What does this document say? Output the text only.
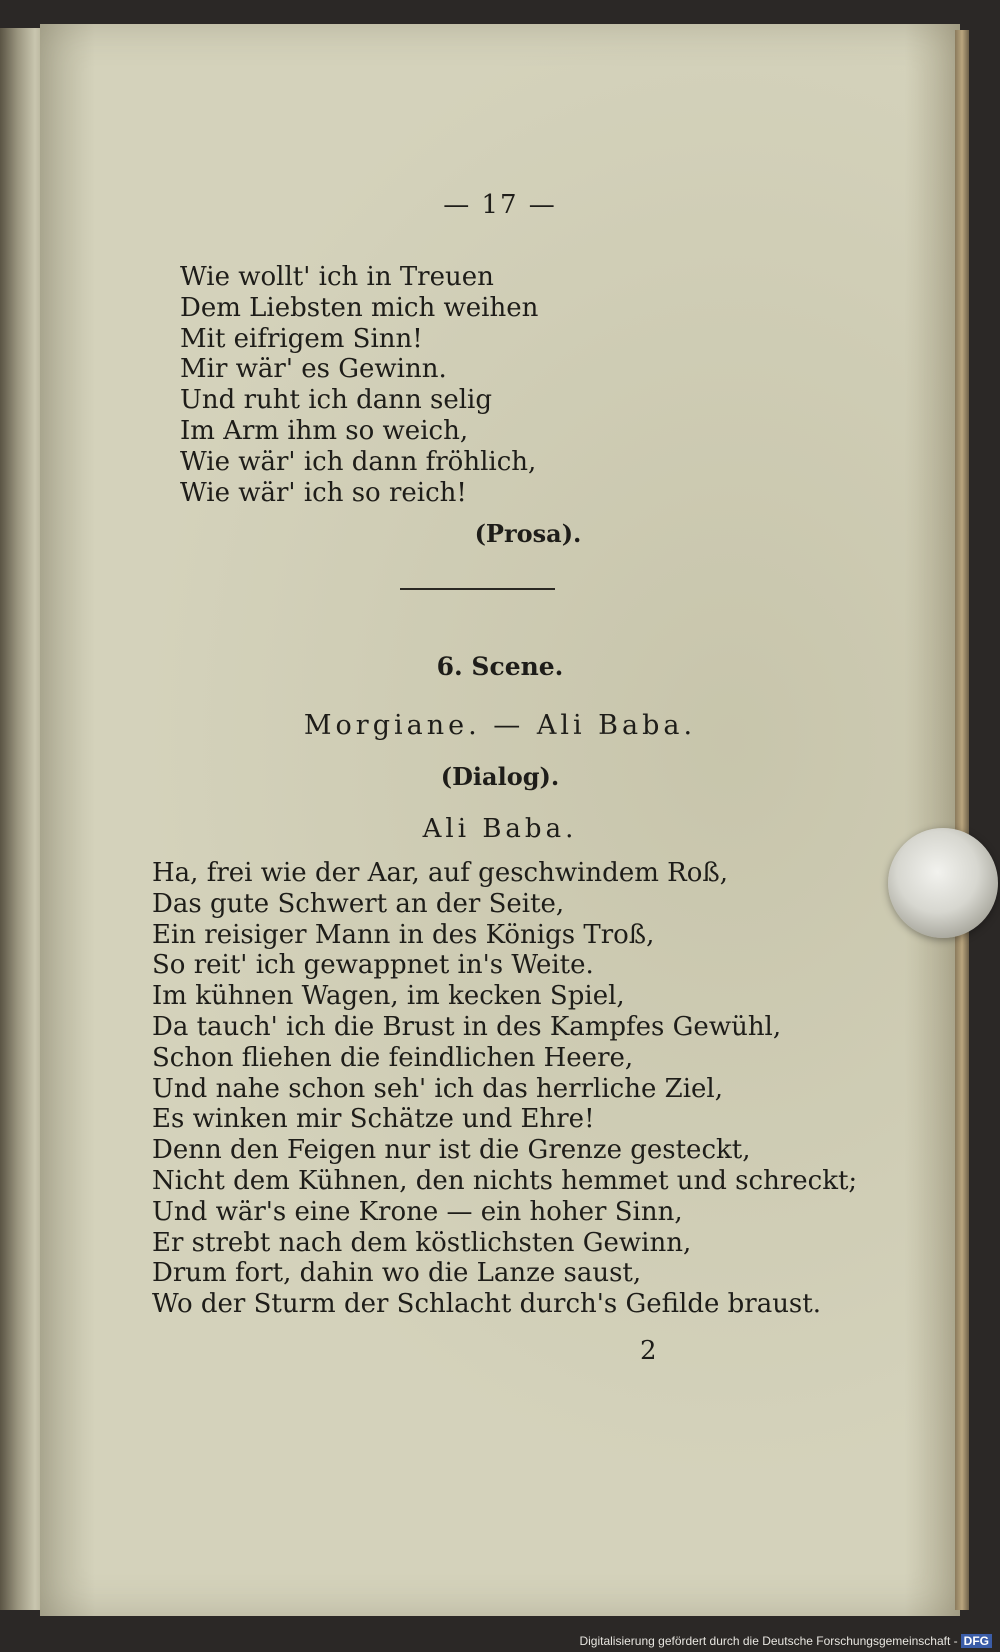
— 17 —
Wie wollt' ich in Treuen
Dem Liebsten mich weihen
Mit eifrigem Sinn!
Mir wär' es Gewinn.
Und ruht ich dann selig
Im Arm ihm so weich,
Wie wär' ich dann fröhlich,
Wie wär' ich so reich!
(Prosa).
6. Scene.
Morgiane. — Ali Baba.
(Dialog).
Ali Baba.
Ha, frei wie der Aar, auf geschwindem Roß,
Das gute Schwert an der Seite,
Ein reisiger Mann in des Königs Troß,
So reit' ich gewappnet in's Weite.
Im kühnen Wagen, im kecken Spiel,
Da tauch' ich die Brust in des Kampfes Gewühl,
Schon fliehen die feindlichen Heere,
Und nahe schon seh' ich das herrliche Ziel,
Es winken mir Schätze und Ehre!
Denn den Feigen nur ist die Grenze gesteckt,
Nicht dem Kühnen, den nichts hemmet und schreckt;
Und wär's eine Krone — ein hoher Sinn,
Er strebt nach dem köstlichsten Gewinn,
Drum fort, dahin wo die Lanze saust,
Wo der Sturm der Schlacht durch's Gefilde braust.
2
Digitalisierung gefördert durch die Deutsche Forschungsgemeinschaft - DFG
